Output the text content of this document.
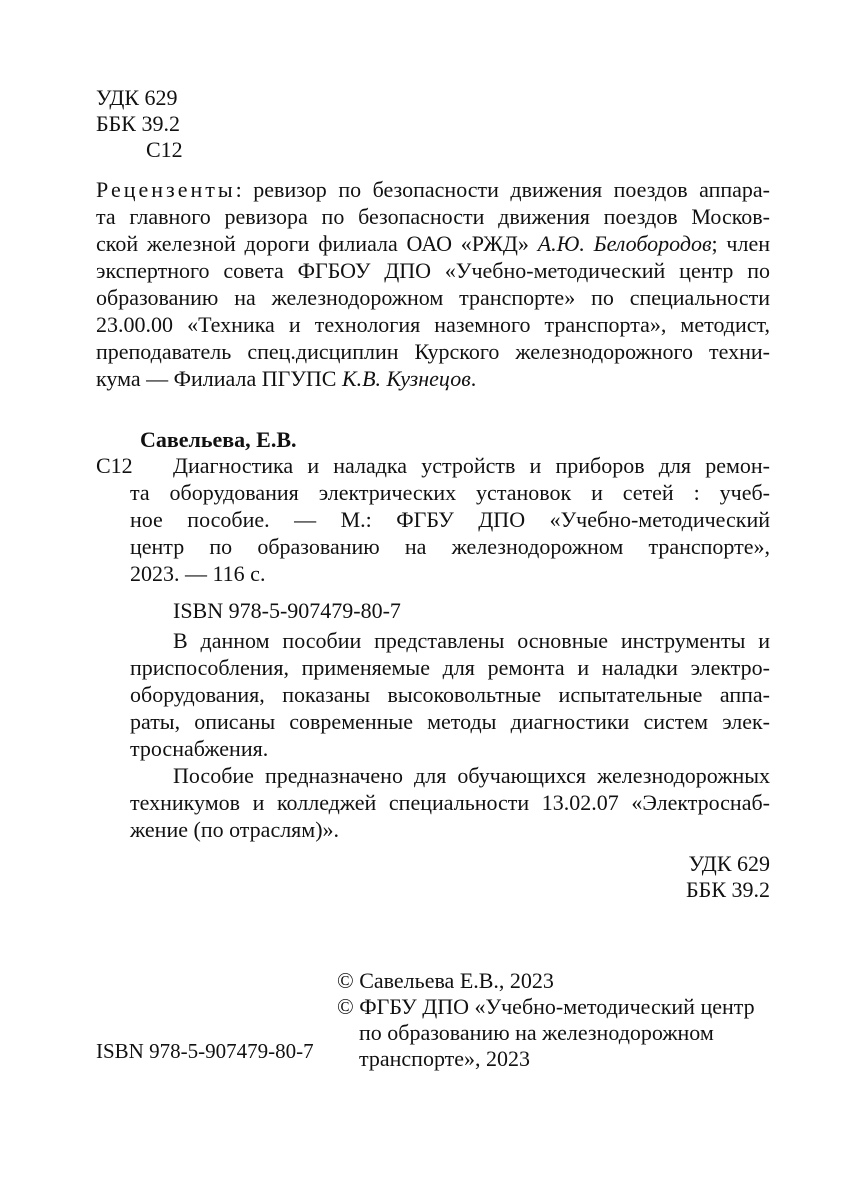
УДК 629
ББК 39.2
С12
Рецензенты: ревизор по безопасности движения поездов аппара-
та главного ревизора по безопасности движения поездов Москов-
ской железной дороги филиала ОАО «РЖД» А.Ю. Белобородов; член
экспертного совета ФГБОУ ДПО «Учебно-методический центр по
образованию на железнодорожном транспорте» по специальности
23.00.00 «Техника и технология наземного транспорта», методист,
преподаватель спец.дисциплин Курского железнодорожного техни-
кума — Филиала ПГУПС К.В. Кузнецов.
Савельева, Е.В.
С12 Диагностика и наладка устройств и приборов для ремон-
та оборудования электрических установок и сетей : учеб-
ное пособие. — М.: ФГБУ ДПО «Учебно-методический
центр по образованию на железнодорожном транспорте»,
2023. — 116 с.
ISBN 978-5-907479-80-7
В данном пособии представлены основные инструменты и
приспособления, применяемые для ремонта и наладки электро-
оборудования, показаны высоковольтные испытательные аппа-
раты, описаны современные методы диагностики систем элек-
троснабжения.
Пособие предназначено для обучающихся железнодорожных
техникумов и колледжей специальности 13.02.07 «Электроснаб-
жение (по отраслям)».
УДК 629
ББК 39.2
© Савельева Е.В., 2023
© ФГБУ ДПО «Учебно-методический центр
по образованию на железнодорожном
транспорте», 2023
ISBN 978-5-907479-80-7
